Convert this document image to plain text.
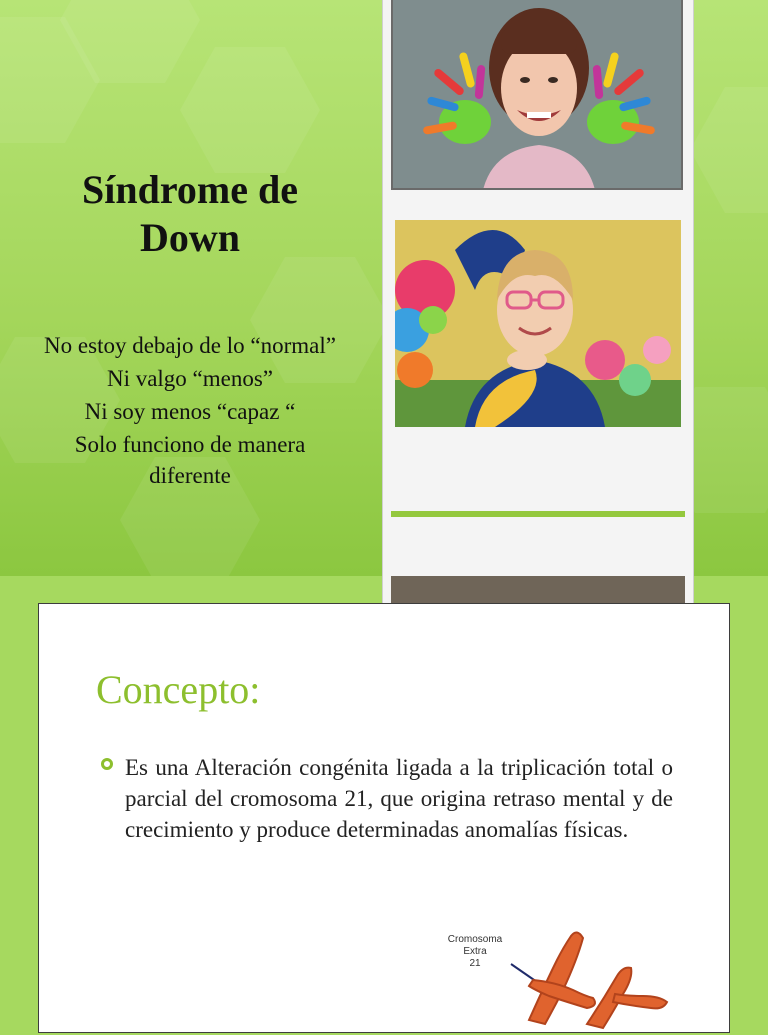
Síndrome de Down
No estoy debajo de lo “normal”
Ni valgo “menos”
Ni soy menos “capaz “
Solo funciono de manera diferente
Concepto:
Es una Alteración congénita ligada a la triplicación total o parcial del cromosoma 21, que origina retraso mental y de crecimiento y produce determinadas anomalías físicas.
Cromosoma
Extra
21
